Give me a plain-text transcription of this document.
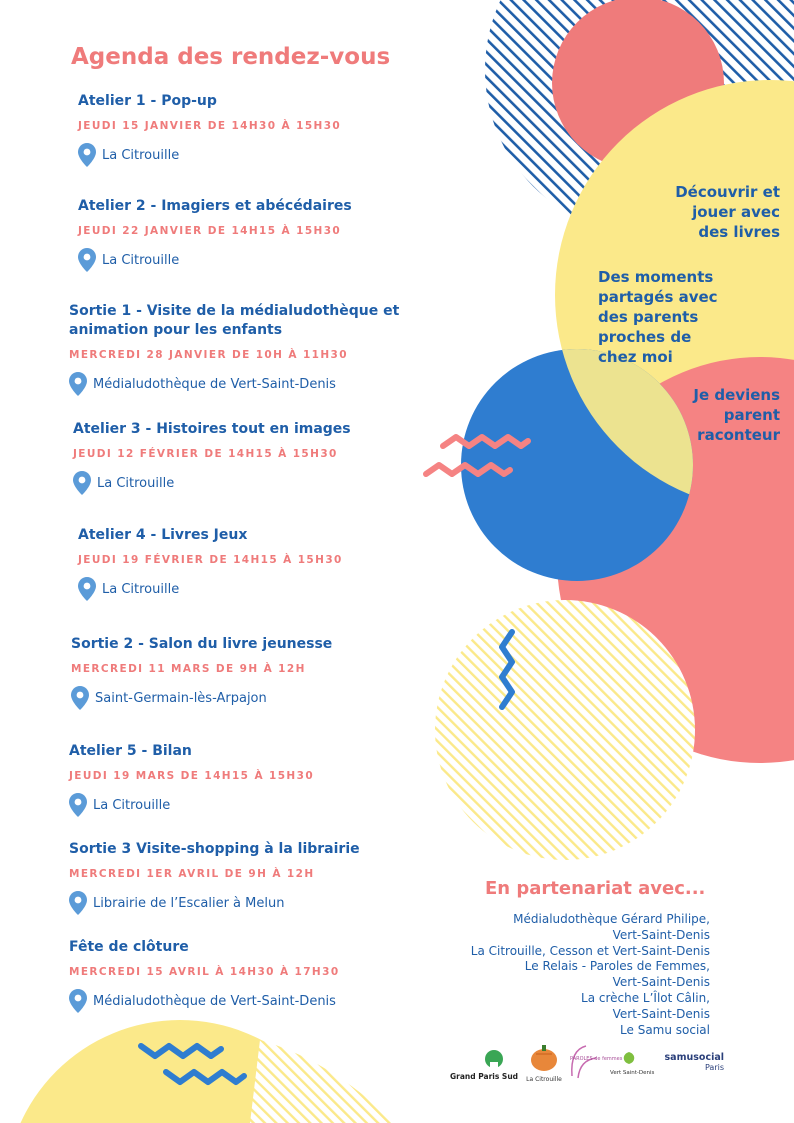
Agenda des rendez-vous
Atelier 1 - Pop-up
JEUDI 15 JANVIER DE 14H30 À 15H30
La Citrouille
Atelier 2 - Imagiers et abécédaires
JEUDI 22 JANVIER DE 14H15 À 15H30
La Citrouille
Sortie 1 - Visite de la médialudothèque et
animation pour les enfants
MERCREDI 28 JANVIER DE 10H À 11H30
Médialudothèque de Vert-Saint-Denis
Atelier 3 - Histoires tout en images
JEUDI 12 FÉVRIER DE 14H15 À 15H30
La Citrouille
Atelier 4 - Livres Jeux
JEUDI 19 FÉVRIER DE 14H15 À 15H30
La Citrouille
Sortie 2 - Salon du livre jeunesse
MERCREDI 11 MARS DE 9H À 12H
Saint-Germain-lès-Arpajon
Atelier 5 - Bilan
JEUDI 19 MARS DE 14H15 À 15H30
La Citrouille
Sortie 3 Visite-shopping à la librairie
MERCREDI 1ER AVRIL DE 9H À 12H
Librairie de l’Escalier à Melun
Fête de clôture
MERCREDI 15 AVRIL À 14H30 À 17H30
Médialudothèque de Vert-Saint-Denis
Découvrir et
jouer avec
des livres
Des moments
partagés avec
des parents
proches de
chez moi
Je deviens
parent
raconteur
En partenariat avec...
Médialudothèque Gérard Philipe,
Vert-Saint-Denis
La Citrouille, Cesson et Vert-Saint-Denis
Le Relais - Paroles de Femmes,
Vert-Saint-Denis
La crèche L’Îlot Câlin,
Vert-Saint-Denis
Le Samu social
Grand Paris Sud	La Citrouille
PAROLES de femmes
Vert Saint-Denis
samusocial
Paris
